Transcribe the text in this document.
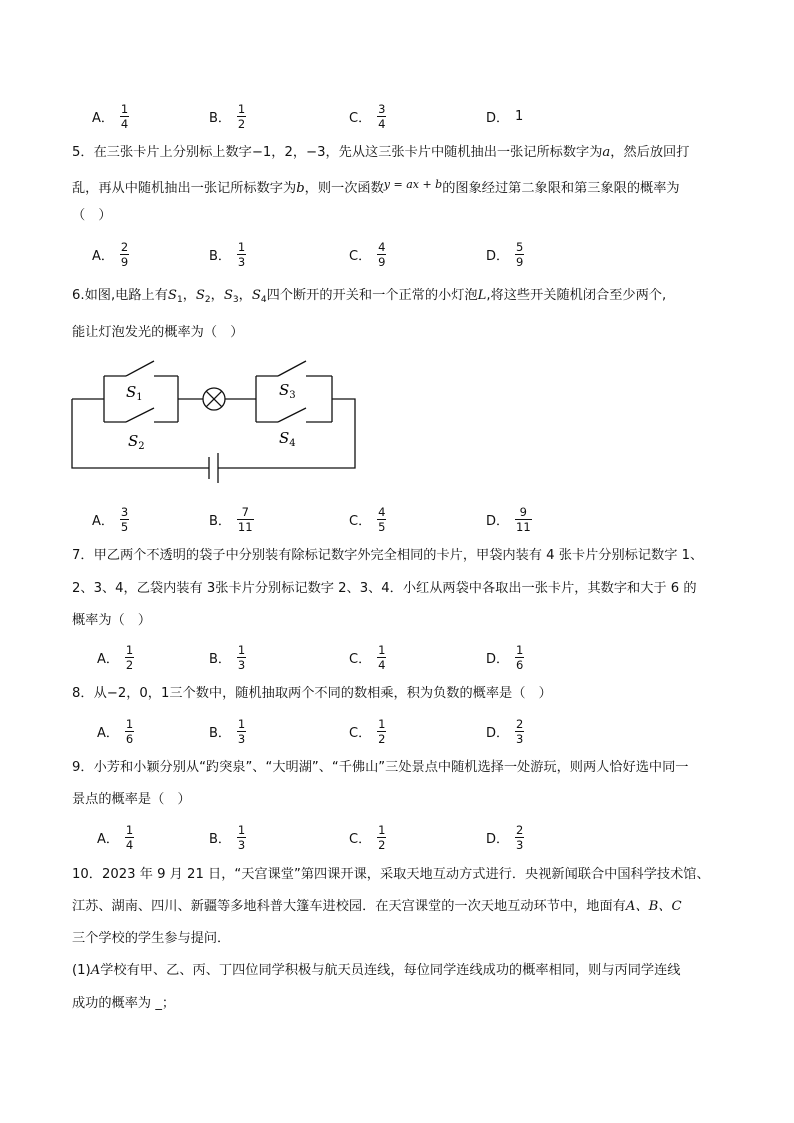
A． $\frac{1}{4}$	B． $\frac{1}{2}$	C． $\frac{3}{4}$	D． 1
5．在三张卡片上分别标上数字−1，2，−3，先从这三张卡片中随机抽出一张记所标数字为a，然后放回打
乱，再从中随机抽出一张记所标数字为b，则一次函数$^{y = ax + b}$的图象经过第二象限和第三象限的概率为
（　）
A． $\frac{2}{9}$	B． $\frac{1}{3}$	C． $\frac{4}{9}$	D． $\frac{5}{9}$
6.如图,电路上有$S_1$，$S_2$，$S_3$，$S_4$四个断开的开关和一个正常的小灯泡L,将这些开关随机闭合至少两个,
能让灯泡发光的概率为（　）
$S_1$
$S_2$
$S_3$
$S_4$
A． $\frac{3}{5}$	B． $\frac{7}{11}$	C． $\frac{4}{5}$	D． $\frac{9}{11}$
7．甲乙两个不透明的袋子中分别装有除标记数字外完全相同的卡片，甲袋内装有 4 张卡片分别标记数字 1、
2、3、4，乙袋内装有 3张卡片分别标记数字 2、3、4．小红从两袋中各取出一张卡片，其数字和大于 6 的
概率为（　）
A． $\frac{1}{2}$	B． $\frac{1}{3}$	C． $\frac{1}{4}$	D． $\frac{1}{6}$
8．从−2，0，1三个数中，随机抽取两个不同的数相乘，积为负数的概率是（　）
A． $\frac{1}{6}$	B． $\frac{1}{3}$	C． $\frac{1}{2}$	D． $\frac{2}{3}$
9．小芳和小颖分别从“趵突泉”、“大明湖”、“千佛山”三处景点中随机选择一处游玩，则两人恰好选中同一
景点的概率是（　）
A． $\frac{1}{4}$	B． $\frac{1}{3}$	C． $\frac{1}{2}$	D． $\frac{2}{3}$
10．2023 年 9 月 21 日，“天宫课堂”第四课开课，采取天地互动方式进行．央视新闻联合中国科学技术馆、
江苏、湖南、四川、新疆等多地科普大篷车进校园．在天宫课堂的一次天地互动环节中，地面有A、B、C
三个学校的学生参与提问．
(1)A学校有甲、乙、丙、丁四位同学积极与航天员连线，每位同学连线成功的概率相同，则与丙同学连线
成功的概率为 _；
